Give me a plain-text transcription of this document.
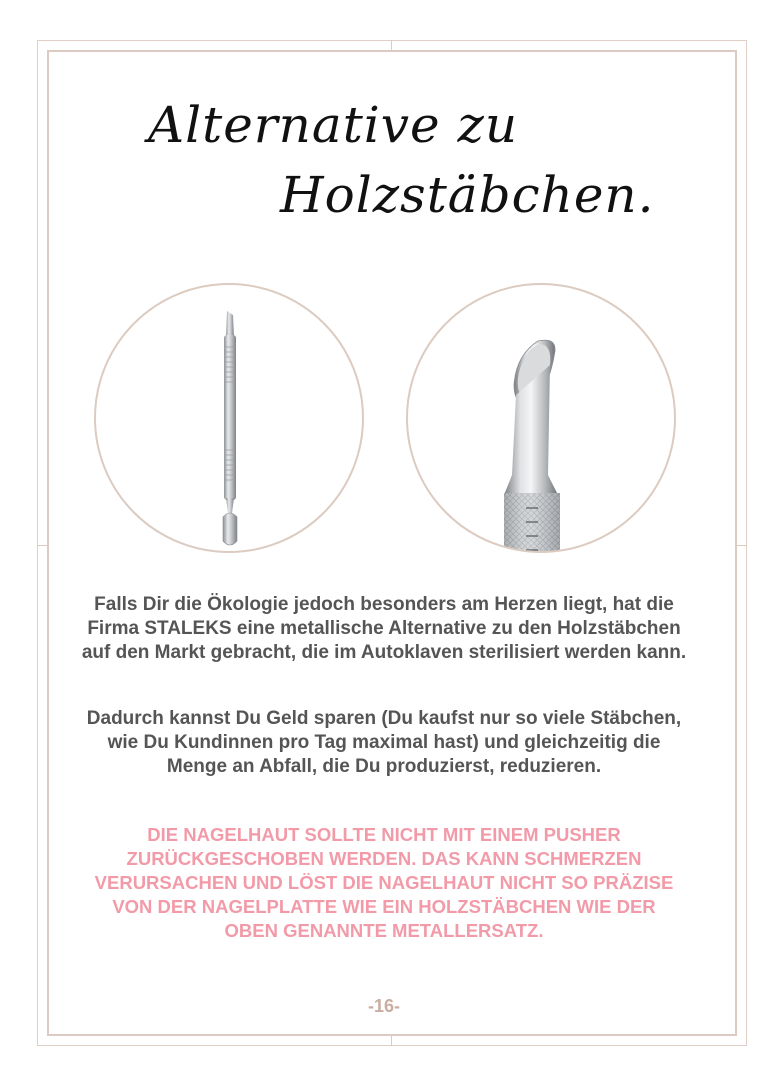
Alternative zu
Holzstäbchen.
Falls Dir die Ökologie jedoch besonders am Herzen liegt, hat die Firma STALEKS eine metallische Alternative zu den Holzstäbchen auf den Markt gebracht, die im Autoklaven sterilisiert werden kann.
Dadurch kannst Du Geld sparen (Du kaufst nur so viele Stäbchen, wie Du Kundinnen pro Tag maximal hast) und gleichzeitig die Menge an Abfall, die Du produzierst, reduzieren.
DIE NAGELHAUT SOLLTE NICHT MIT EINEM PUSHER ZURÜCKGESCHOBEN WERDEN. DAS KANN SCHMERZEN VERURSACHEN UND LÖST DIE NAGELHAUT NICHT SO PRÄZISE VON DER NAGELPLATTE WIE EIN HOLZSTÄBCHEN WIE DER OBEN GENANNTE METALLERSATZ.
-16-
